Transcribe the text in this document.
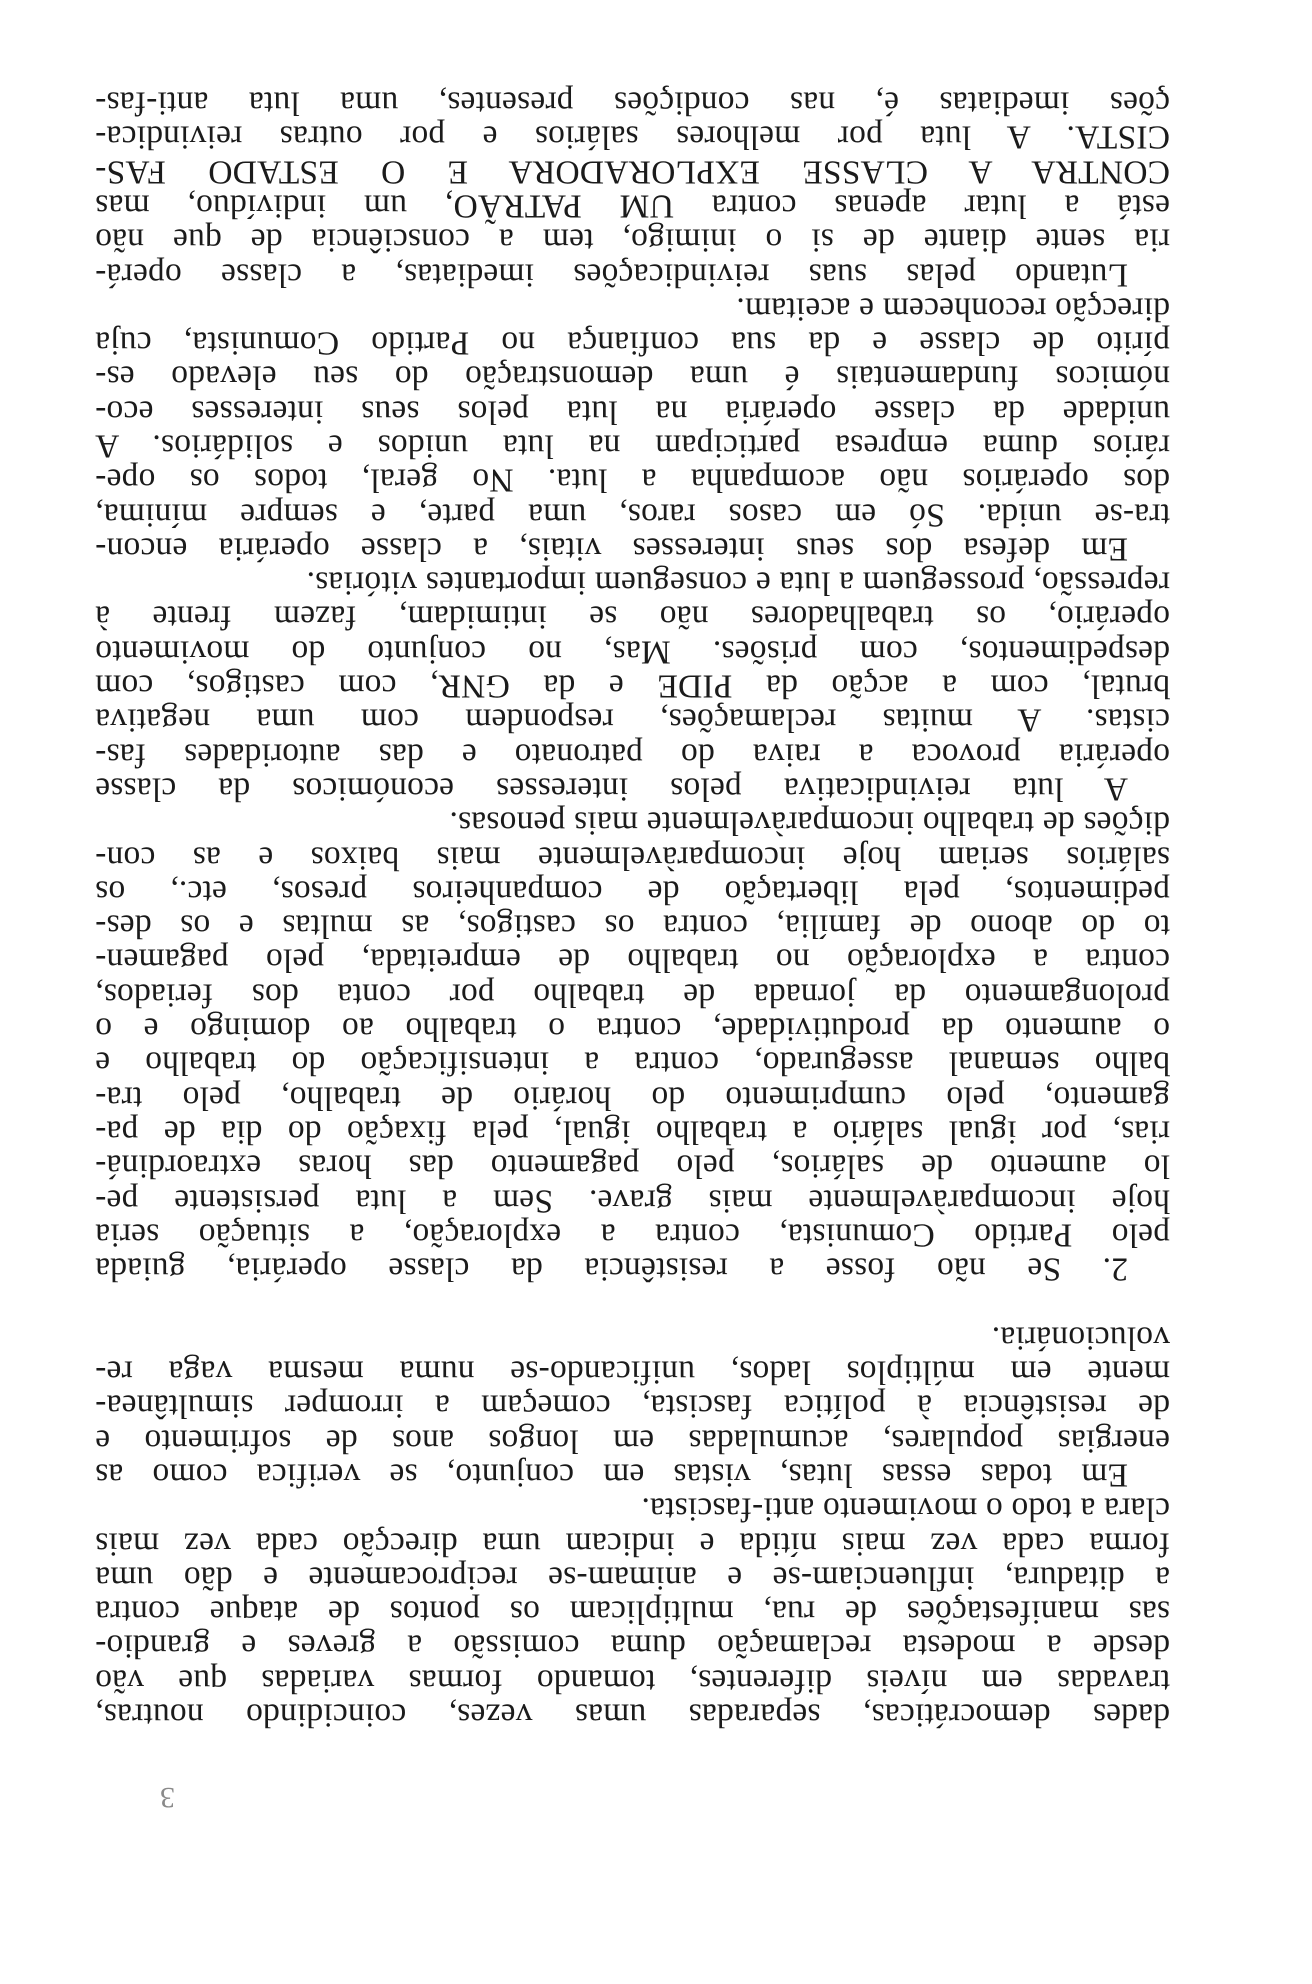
dades democráticas, separadas umas vezes, coincidindo noutras,
travadas em níveis diferentes, tomando formas variadas que vão
desde a modesta reclamação duma comissão a greves e grandio-
sas manifestações de rua, multiplicam os pontos de ataque contra
a ditadura, influenciam-se e animam-se reciprocamente e dão uma
forma cada vez mais nítida e indicam uma direcção cada vez mais
clara a todo o movimento anti-fascista.
Em todas essas lutas, vistas em conjunto, se verifica como as
energias populares, acumuladas em longos anos de sofrimento e
de resistência à política fascista, começam a irromper simultânea-
mente em múltiplos lados, unificando-se numa mesma vaga re-
volucionária.
2. Se não fosse a resistência da classe operária, guiada
pelo Partido Comunista, contra a exploração, a situação seria
hoje incomparàvelmente mais grave. Sem a luta persistente pe-
lo aumento de salários, pelo pagamento das horas extraordiná-
rias, por igual salário a trabalho igual, pela fixação do dia de pa-
gamento, pelo cumprimento do horário de trabalho, pelo tra-
balho semanal assegurado, contra a intensificação do trabalho e
o aumento da produtividade, contra o trabalho ao domingo e o
prolongamento da jornada de trabalho por conta dos feriados,
contra a exploração no trabalho de empreitada, pelo pagamen-
to do abono de família, contra os castigos, as multas e os des-
pedimentos, pela libertação de companheiros presos, etc., os
salários seriam hoje incomparàvelmente mais baixos e as con-
dições de trabalho incomparàvelmente mais penosas.
A luta reivindicativa pelos interesses económicos da classe
operária provoca a raiva do patronato e das autoridades fas-
cistas. A muitas reclamações, respondem com uma negativa
brutal, com a acção da PIDE e da GNR, com castigos, com
despedimentos, com prisões. Mas, no conjunto do movimento
operário, os trabalhadores não se intimidam, fazem frente à
repressão, prosseguem a luta e conseguem importantes vitórias.
Em defesa dos seus interesses vitais, a classe operária encon-
tra-se unida. Só em casos raros, uma parte, e sempre mínima,
dos operários não acompanha a luta. No geral, todos os ope-
rários duma empresa participam na luta unidos e solidários. A
unidade da classe operária na luta pelos seus interesses eco-
nómicos fundamentais é uma demonstração do seu elevado es-
pírito de classe e da sua confiança no Partido Comunista, cuja
direcção reconhecem e aceitam.
Lutando pelas suas reivindicações imediatas, a classe operá-
ria sente diante de si o inimigo, tem a consciência de que não
está a lutar apenas contra UM PATRÃO, um indivíduo, mas
CONTRA A CLASSE EXPLORADORA E O ESTADO FAS-
CISTA. A luta por melhores salários e por outras reivindica-
ções imediatas é, nas condições presentes, uma luta anti-fas-
3
